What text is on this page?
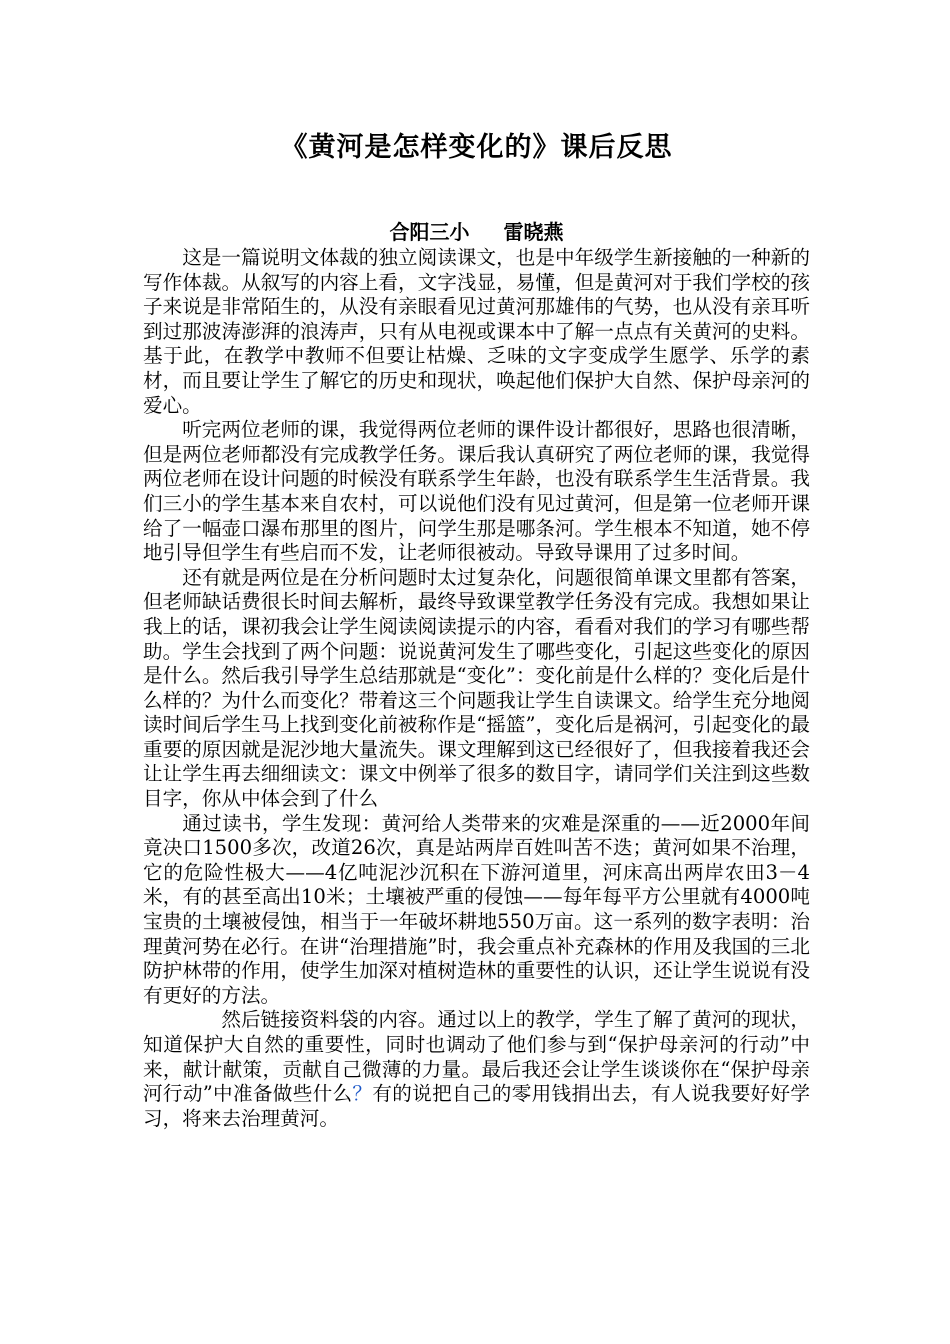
《黄河是怎样变化的》课后反思

合阳三小 雷晓燕

这是一篇说明文体裁的独立阅读课文，也是中年级学生新接触的一种新的写作体裁。从叙写的内容上看，文字浅显，易懂，但是黄河对于我们学校的孩子来说是非常陌生的，从没有亲眼看见过黄河那雄伟的气势，也从没有亲耳听到过那波涛澎湃的浪涛声，只有从电视或课本中了解一点点有关黄河的史料。基于此，在教学中教师不但要让枯燥、乏味的文字变成学生愿学、乐学的素材，而且要让学生了解它的历史和现状，唤起他们保护大自然、保护母亲河的爱心。

听完两位老师的课，我觉得两位老师的课件设计都很好，思路也很清晰，但是两位老师都没有完成教学任务。课后我认真研究了两位老师的课，我觉得两位老师在设计问题的时候没有联系学生年龄，也没有联系学生生活背景。我们三小的学生基本来自农村，可以说他们没有见过黄河，但是第一位老师开课给了一幅壶口瀑布那里的图片，问学生那是哪条河。学生根本不知道，她不停地引导但学生有些启而不发，让老师很被动。导致导课用了过多时间。

还有就是两位是在分析问题时太过复杂化，问题很简单课文里都有答案，但老师缺话费很长时间去解析，最终导致课堂教学任务没有完成。我想如果让我上的话，课初我会让学生阅读阅读提示的内容，看看对我们的学习有哪些帮助。学生会找到了两个问题：说说黄河发生了哪些变化，引起这些变化的原因是什么。然后我引导学生总结那就是“变化”：变化前是什么样的？变化后是什么样的？为什么而变化？带着这三个问题我让学生自读课文。给学生充分地阅读时间后学生马上找到变化前被称作是“摇篮”，变化后是祸河，引起变化的最重要的原因就是泥沙地大量流失。课文理解到这已经很好了，但我接着我还会让让学生再去细细读文：课文中例举了很多的数目字，请同学们关注到这些数目字，你从中体会到了什么

通过读书，学生发现：黄河给人类带来的灾难是深重的——近2000年间竟决口1500多次，改道26次，真是站两岸百姓叫苦不迭；黄河如果不治理，它的危险性极大——4亿吨泥沙沉积在下游河道里，河床高出两岸农田3－4米，有的甚至高出10米；土壤被严重的侵蚀——每年每平方公里就有4000吨宝贵的土壤被侵蚀，相当于一年破坏耕地550万亩。这一系列的数字表明：治理黄河势在必行。在讲“治理措施”时，我会重点补充森林的作用及我国的三北防护林带的作用，使学生加深对植树造林的重要性的认识，还让学生说说有没有更好的方法。

然后链接资料袋的内容。通过以上的教学，学生了解了黄河的现状，知道保护大自然的重要性，同时也调动了他们参与到“保护母亲河的行动”中来，献计献策，贡献自己微薄的力量。最后我还会让学生谈谈你在“保护母亲河行动”中准备做些什么？有的说把自己的零用钱捐出去，有人说我要好好学习，将来去治理黄河。
